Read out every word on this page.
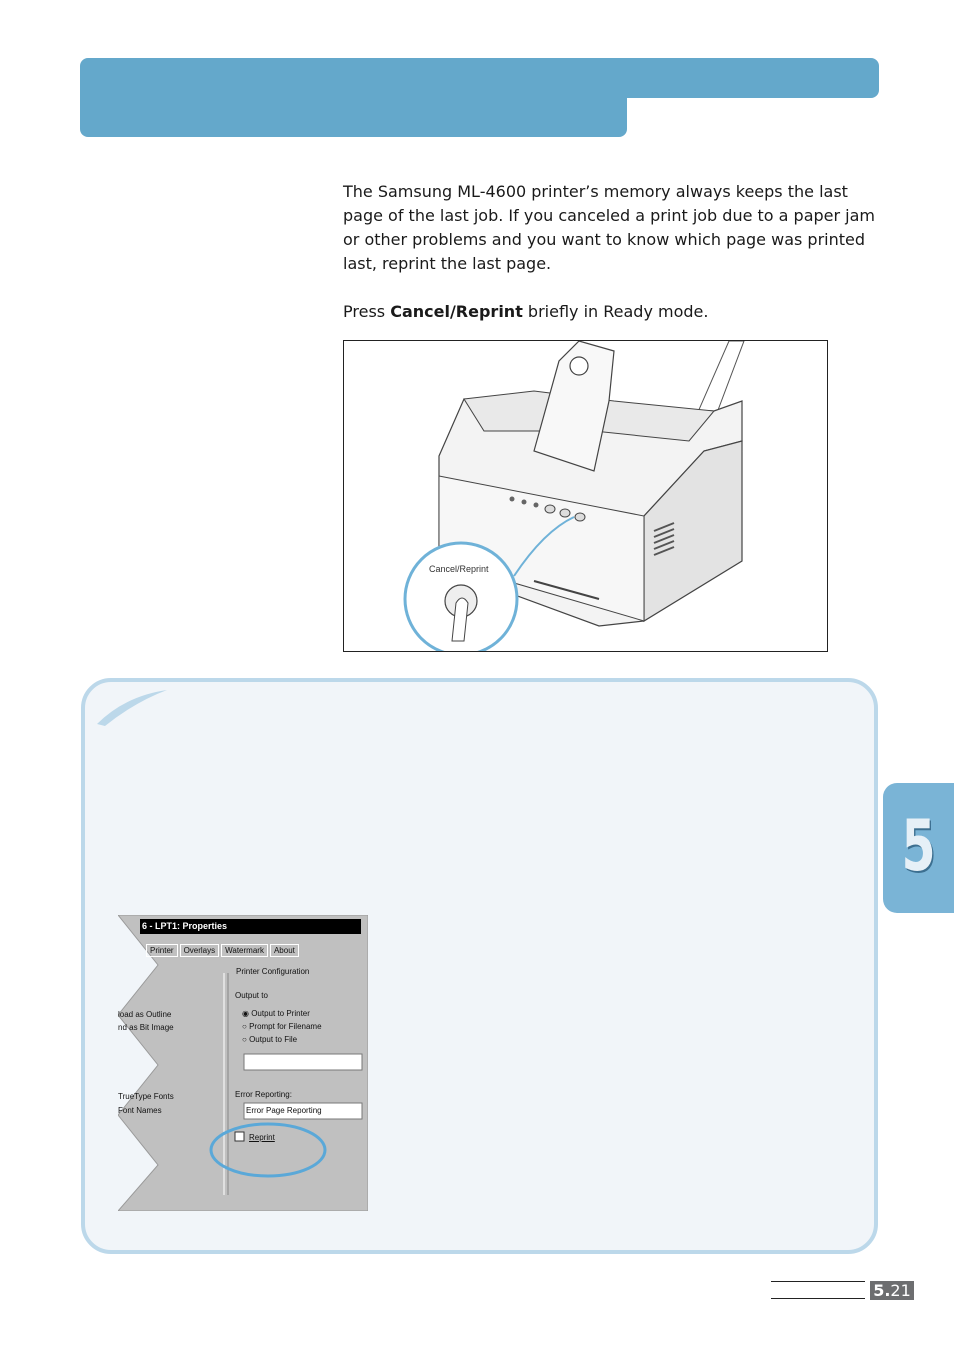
The Samsung ML-4600 printer’s memory always keeps the last page of the last job. If you canceled a print job due to a paper jam or other problems and you want to know which page was printed last, reprint the last page.

Press Cancel/Reprint briefly in Ready mode.
Cancel/Reprint
6 - LPT1: Properties
Printer	Overlays	Watermark	About
Printer Configuration
Output to
◉ Output to Printer
○ Prompt for Filename
○ Output to File
load as Outline
nd as Bit Image
TrueType Fonts
Font Names
Error Reporting:
Error Page Reporting
Reprint
5
5.21
